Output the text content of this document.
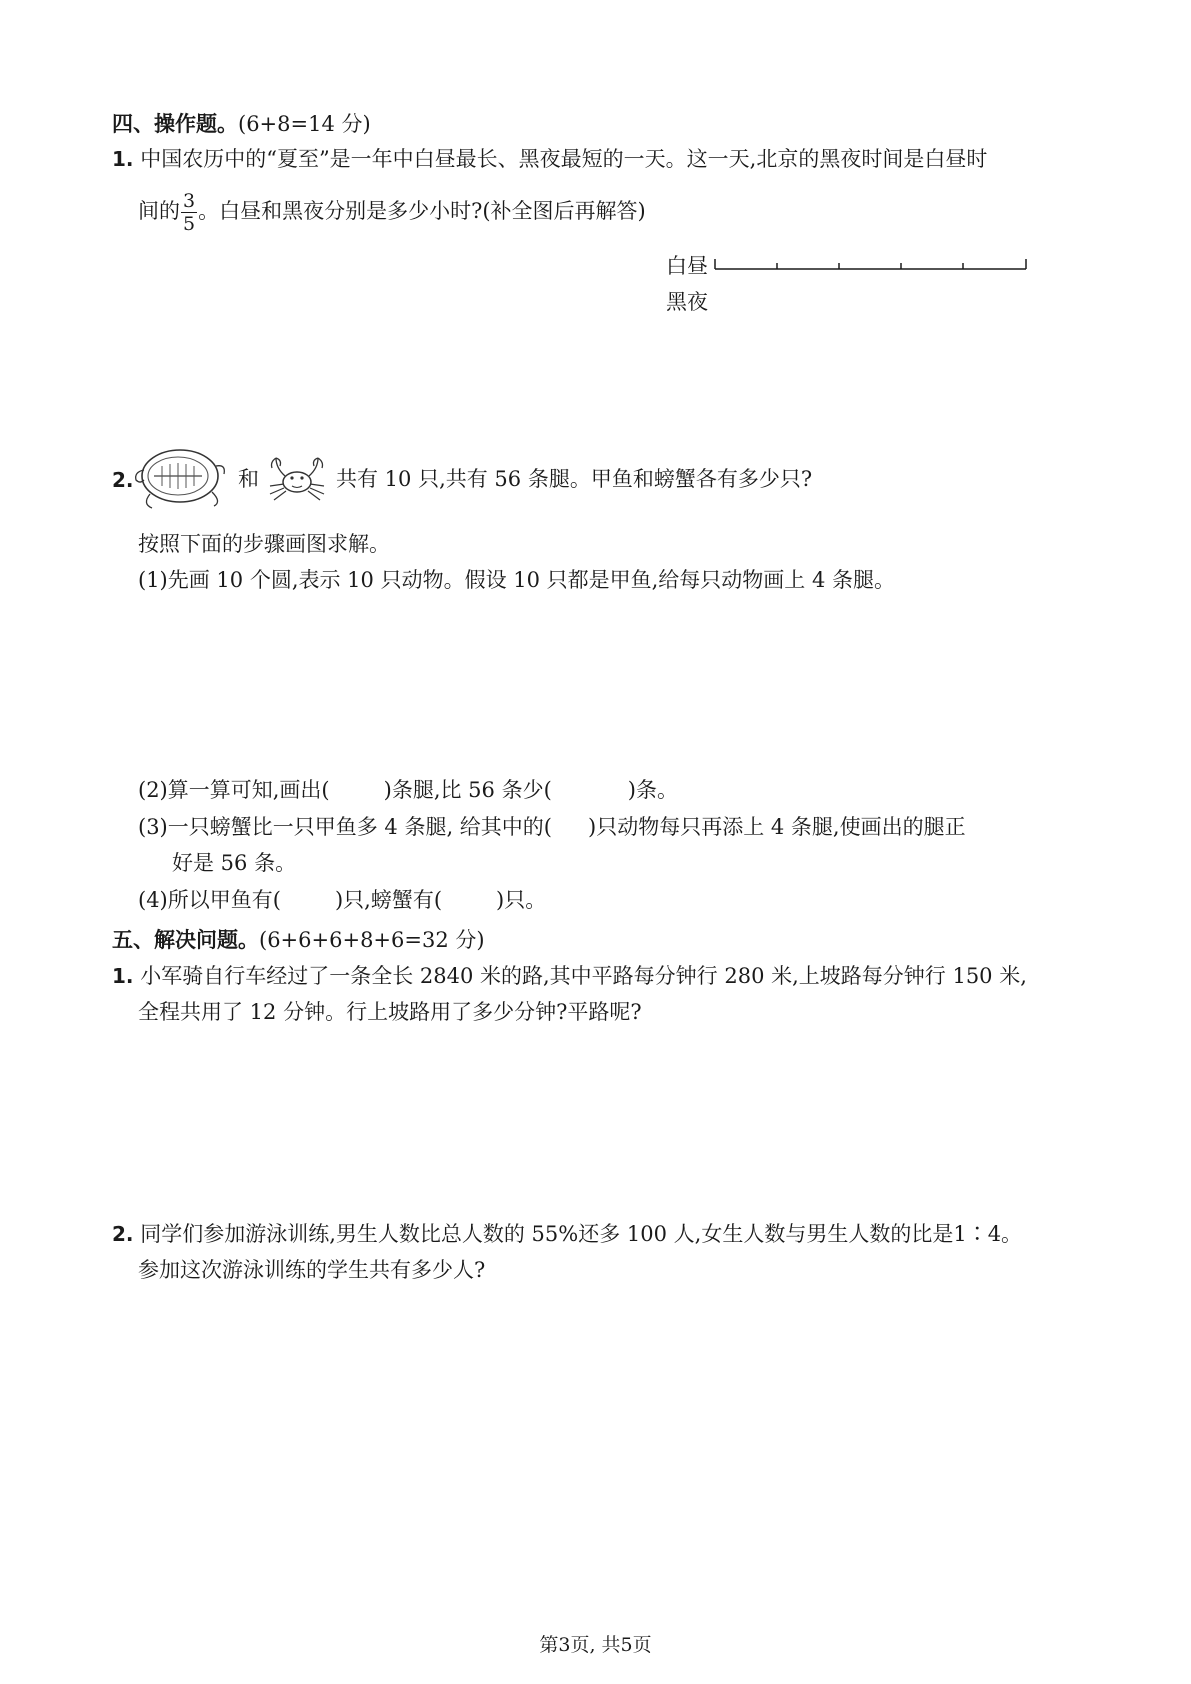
四、操作题。(6+8=14 分)
1. 中国农历中的“夏至”是一年中白昼最长、黑夜最短的一天。这一天,北京的黑夜时间是白昼时
间的 $\frac{3}{5}$ 。白昼和黑夜分别是多少小时?(补全图后再解答)
白昼
黑夜
2.	和	共有 10 只,共有 56 条腿。甲鱼和螃蟹各有多少只?
按照下面的步骤画图求解。
(1)先画 10 个圆,表示 10 只动物。假设 10 只都是甲鱼,给每只动物画上 4 条腿。
(2)算一算可知,画出(	)条腿,比 56 条少(	)条。
(3)一只螃蟹比一只甲鱼多 4 条腿, 给其中的( )只动物每只再添上 4 条腿,使画出的腿正
好是 56 条。
(4)所以甲鱼有(	)只,螃蟹有(	)只。
五、解决问题。(6+6+6+8+6=32 分)
1. 小军骑自行车经过了一条全长 2840 米的路,其中平路每分钟行 280 米,上坡路每分钟行 150 米,
全程共用了 12 分钟。行上坡路用了多少分钟?平路呢?
2. 同学们参加游泳训练,男生人数比总人数的 55%还多 100 人,女生人数与男生人数的比是1∶4。
参加这次游泳训练的学生共有多少人?
第3页, 共5页
